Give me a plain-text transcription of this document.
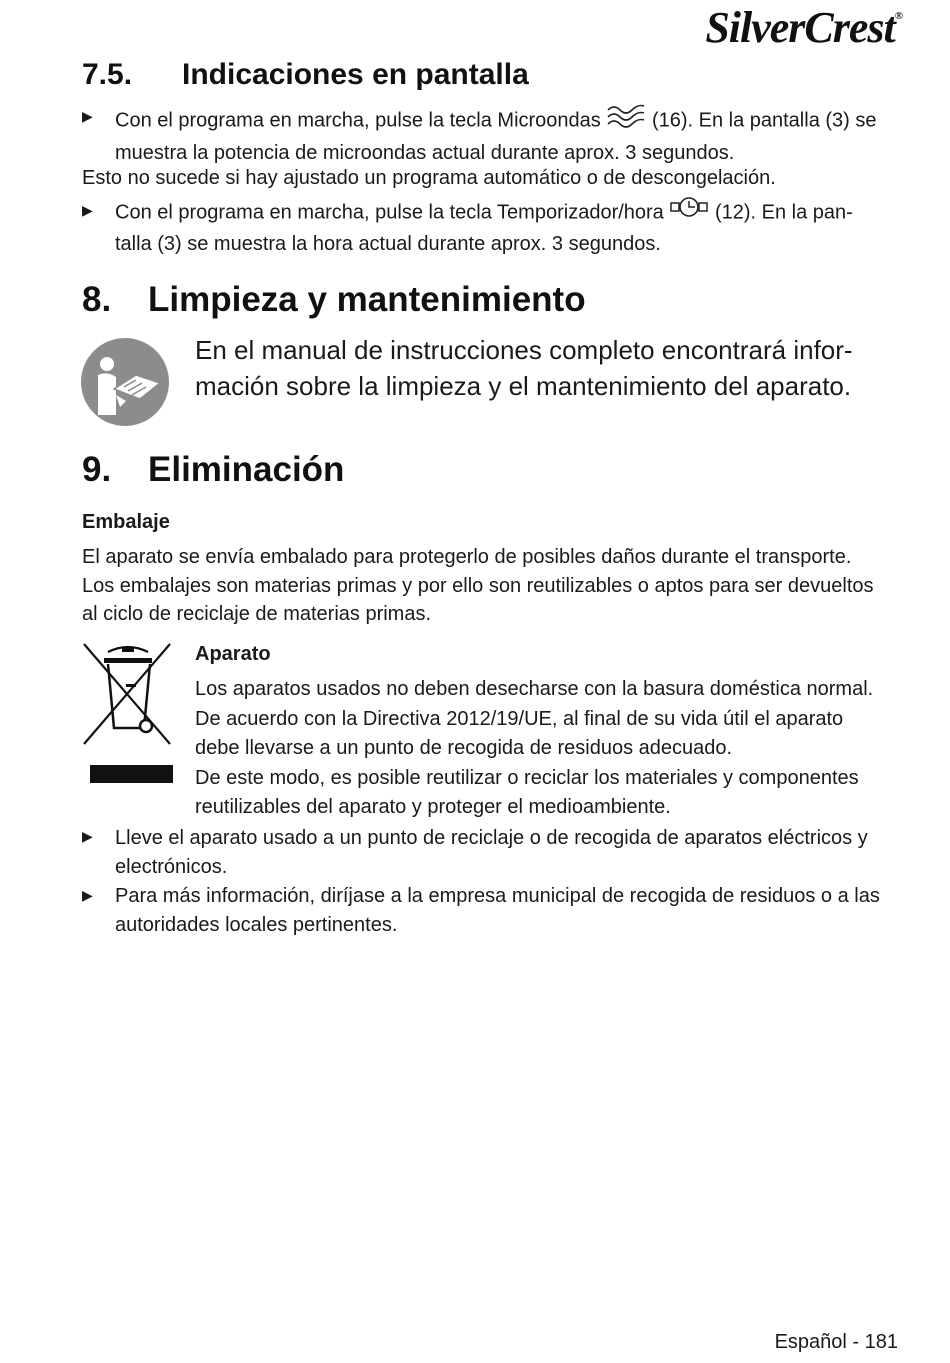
SilverCrest®
7.5. Indicaciones en pantalla
▶ Con el programa en marcha, pulse la tecla Microondas	(16). En la pantalla (3) se
muestra la potencia de microondas actual durante aprox. 3 segundos.
Esto no sucede si hay ajustado un programa automático o de descongelación.
▶ Con el programa en marcha, pulse la tecla Temporizador/hora	(12). En la pan-
talla (3) se muestra la hora actual durante aprox. 3 segundos.
8. Limpieza y mantenimiento
En el manual de instrucciones completo encontrará infor-
mación sobre la limpieza y el mantenimiento del aparato.
9. Eliminación
Embalaje
El aparato se envía embalado para protegerlo de posibles daños durante el transporte.
Los embalajes son materias primas y por ello son reutilizables o aptos para ser devueltos
al ciclo de reciclaje de materias primas.
Aparato
Los aparatos usados no deben desecharse con la basura doméstica normal.
De acuerdo con la Directiva 2012/19/UE, al final de su vida útil el aparato
debe llevarse a un punto de recogida de residuos adecuado.
De este modo, es posible reutilizar o reciclar los materiales y componentes
reutilizables del aparato y proteger el medioambiente.
▶ Lleve el aparato usado a un punto de reciclaje o de recogida de aparatos eléctricos y
electrónicos.
▶ Para más información, diríjase a la empresa municipal de recogida de residuos o a las
autoridades locales pertinentes.
Español - 181
